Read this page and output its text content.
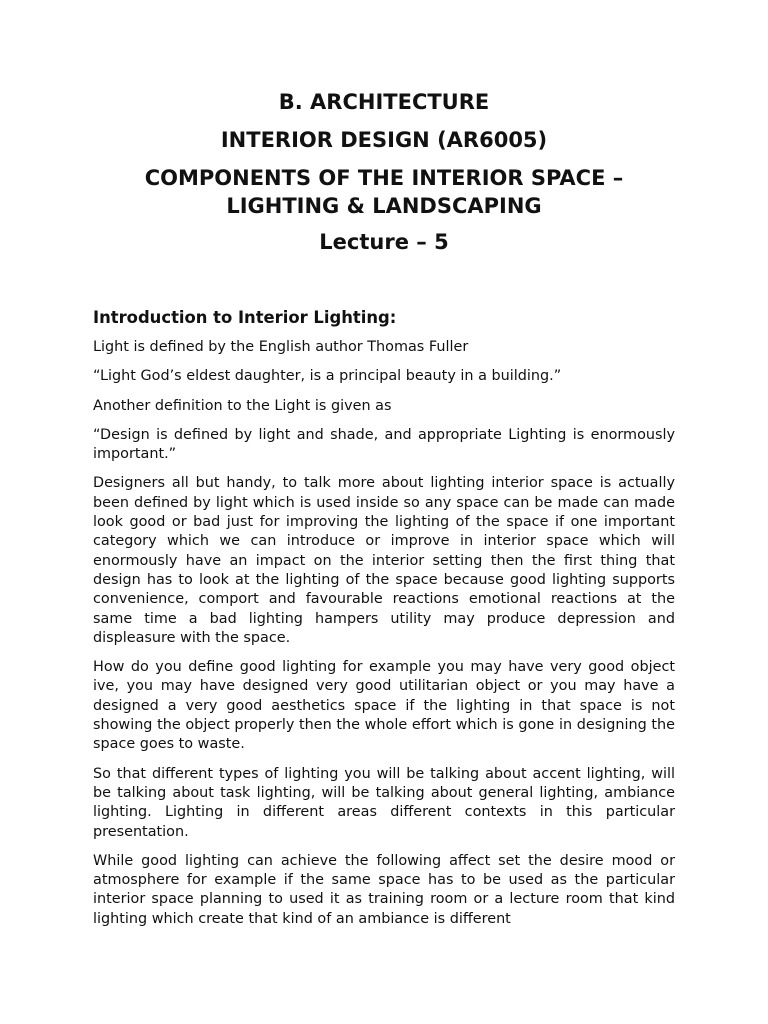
B. ARCHITECTURE
INTERIOR DESIGN (AR6005)
COMPONENTS OF THE INTERIOR SPACE – LIGHTING & LANDSCAPING
Lecture – 5
Introduction to Interior Lighting:

Light is defined by the English author Thomas Fuller

“Light God’s eldest daughter, is a principal beauty in a building.”

Another definition to the Light is given as

“Design is defined by light and shade, and appropriate Lighting is enormously important.”

Designers all but handy, to talk more about lighting interior space is actually been defined by light which is used inside so any space can be made can made look good or bad just for improving the lighting of the space if one important category which we can introduce or improve in interior space which will enormously have an impact on the interior setting then the first thing that design has to look at the lighting of the space because good lighting supports convenience, comport and favourable reactions emotional reactions at the same time a bad lighting hampers utility may produce depression and displeasure with the space.

How do you define good lighting for example you may have very good object ive, you may have designed very good utilitarian object or you may have a designed a very good aesthetics space if the lighting in that space is not showing the object properly then the whole effort which is gone in designing the space goes to waste.

So that different types of lighting you will be talking about accent lighting, will be talking about task lighting, will be talking about general lighting, ambiance lighting. Lighting in different areas different contexts in this particular presentation.

While good lighting can achieve the following affect set the desire mood or atmosphere for example if the same space has to be used as the particular interior space planning to used it as training room or a lecture room that kind lighting which create that kind of an ambiance is different
